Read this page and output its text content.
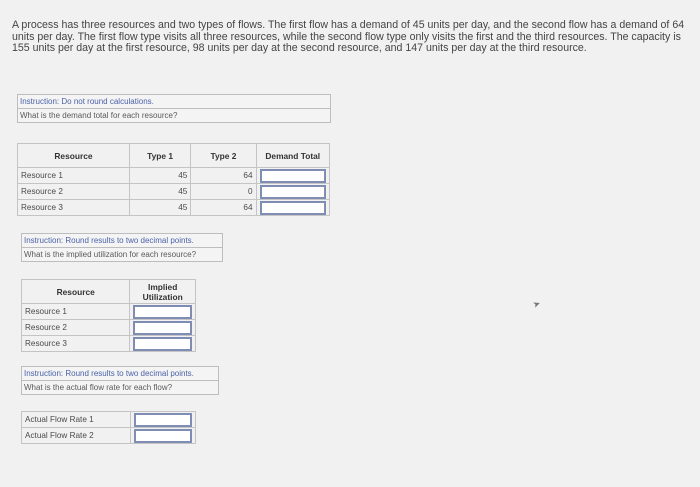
A process has three resources and two types of flows. The first flow has a demand of 45 units per day, and the second flow has a demand of 64 units per day. The first flow type visits all three resources, while the second flow type only visits the first and the third resources. The capacity is 155 units per day at the first resource, 98 units per day at the second resource, and 147 units per day at the third resource.
Instruction: Do not round calculations.
What is the demand total for each resource?
Resource	Type 1	Type 2	Demand Total
Resource 1	45	64	

Resource 2	45	0	

Resource 3	45	64	
Instruction: Round results to two decimal points.
What is the implied utilization for each resource?
Resource	Implied Utilization
Resource 1	

Resource 2	

Resource 3	
Instruction: Round results to two decimal points.
What is the actual flow rate for each flow?
Actual Flow Rate 1	

Actual Flow Rate 2	
➤
